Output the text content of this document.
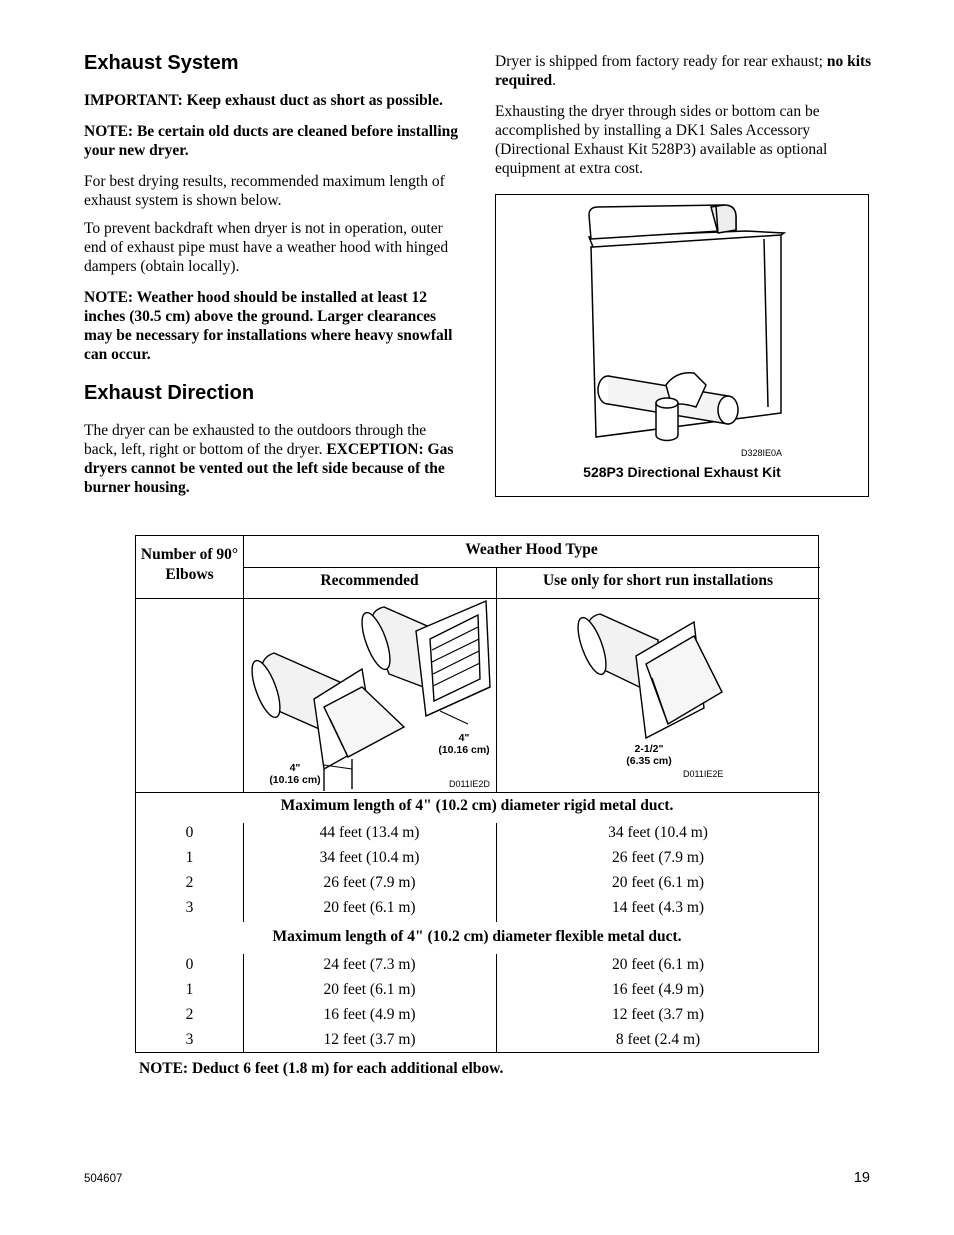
Exhaust System

IMPORTANT: Keep exhaust duct as short as possible.

NOTE: Be certain old ducts are cleaned before installing your new dryer.

For best drying results, recommended maximum length of exhaust system is shown below.

To prevent backdraft when dryer is not in operation, outer end of exhaust pipe must have a weather hood with hinged dampers (obtain locally).

NOTE: Weather hood should be installed at least 12 inches (30.5 cm) above the ground. Larger clearances may be necessary for installations where heavy snowfall can occur.

Exhaust Direction

The dryer can be exhausted to the outdoors through the back, left, right or bottom of the dryer. EXCEPTION: Gas dryers cannot be vented out the left side because of the burner housing.

Dryer is shipped from factory ready for rear exhaust; no kits required.

Exhausting the dryer through sides or bottom can be accomplished by installing a DK1 Sales Accessory (Directional Exhaust Kit 528P3) available as optional equipment at extra cost.

D328IE0A
528P3 Directional Exhaust Kit
Number of 90° Elbows
Weather Hood Type
Recommended	Use only for short run installations
4"
(10.16 cm)
4"
(10.16 cm)
D011IE2D
2-1/2"
(6.35 cm)
D011IE2E
Maximum length of 4" (10.2 cm) diameter rigid metal duct.
0	44 feet (13.4 m)	34 feet (10.4 m)
1	34 feet (10.4 m)	26 feet (7.9 m)
2	26 feet (7.9 m)	20 feet (6.1 m)
3	20 feet (6.1 m)	14 feet (4.3 m)
Maximum length of 4" (10.2 cm) diameter flexible metal duct.
0	24 feet (7.3 m)	20 feet (6.1 m)
1	20 feet (6.1 m)	16 feet (4.9 m)
2	16 feet (4.9 m)	12 feet (3.7 m)
3	12 feet (3.7 m)	8 feet (2.4 m)
NOTE: Deduct 6 feet (1.8 m) for each additional elbow.
504607	19
